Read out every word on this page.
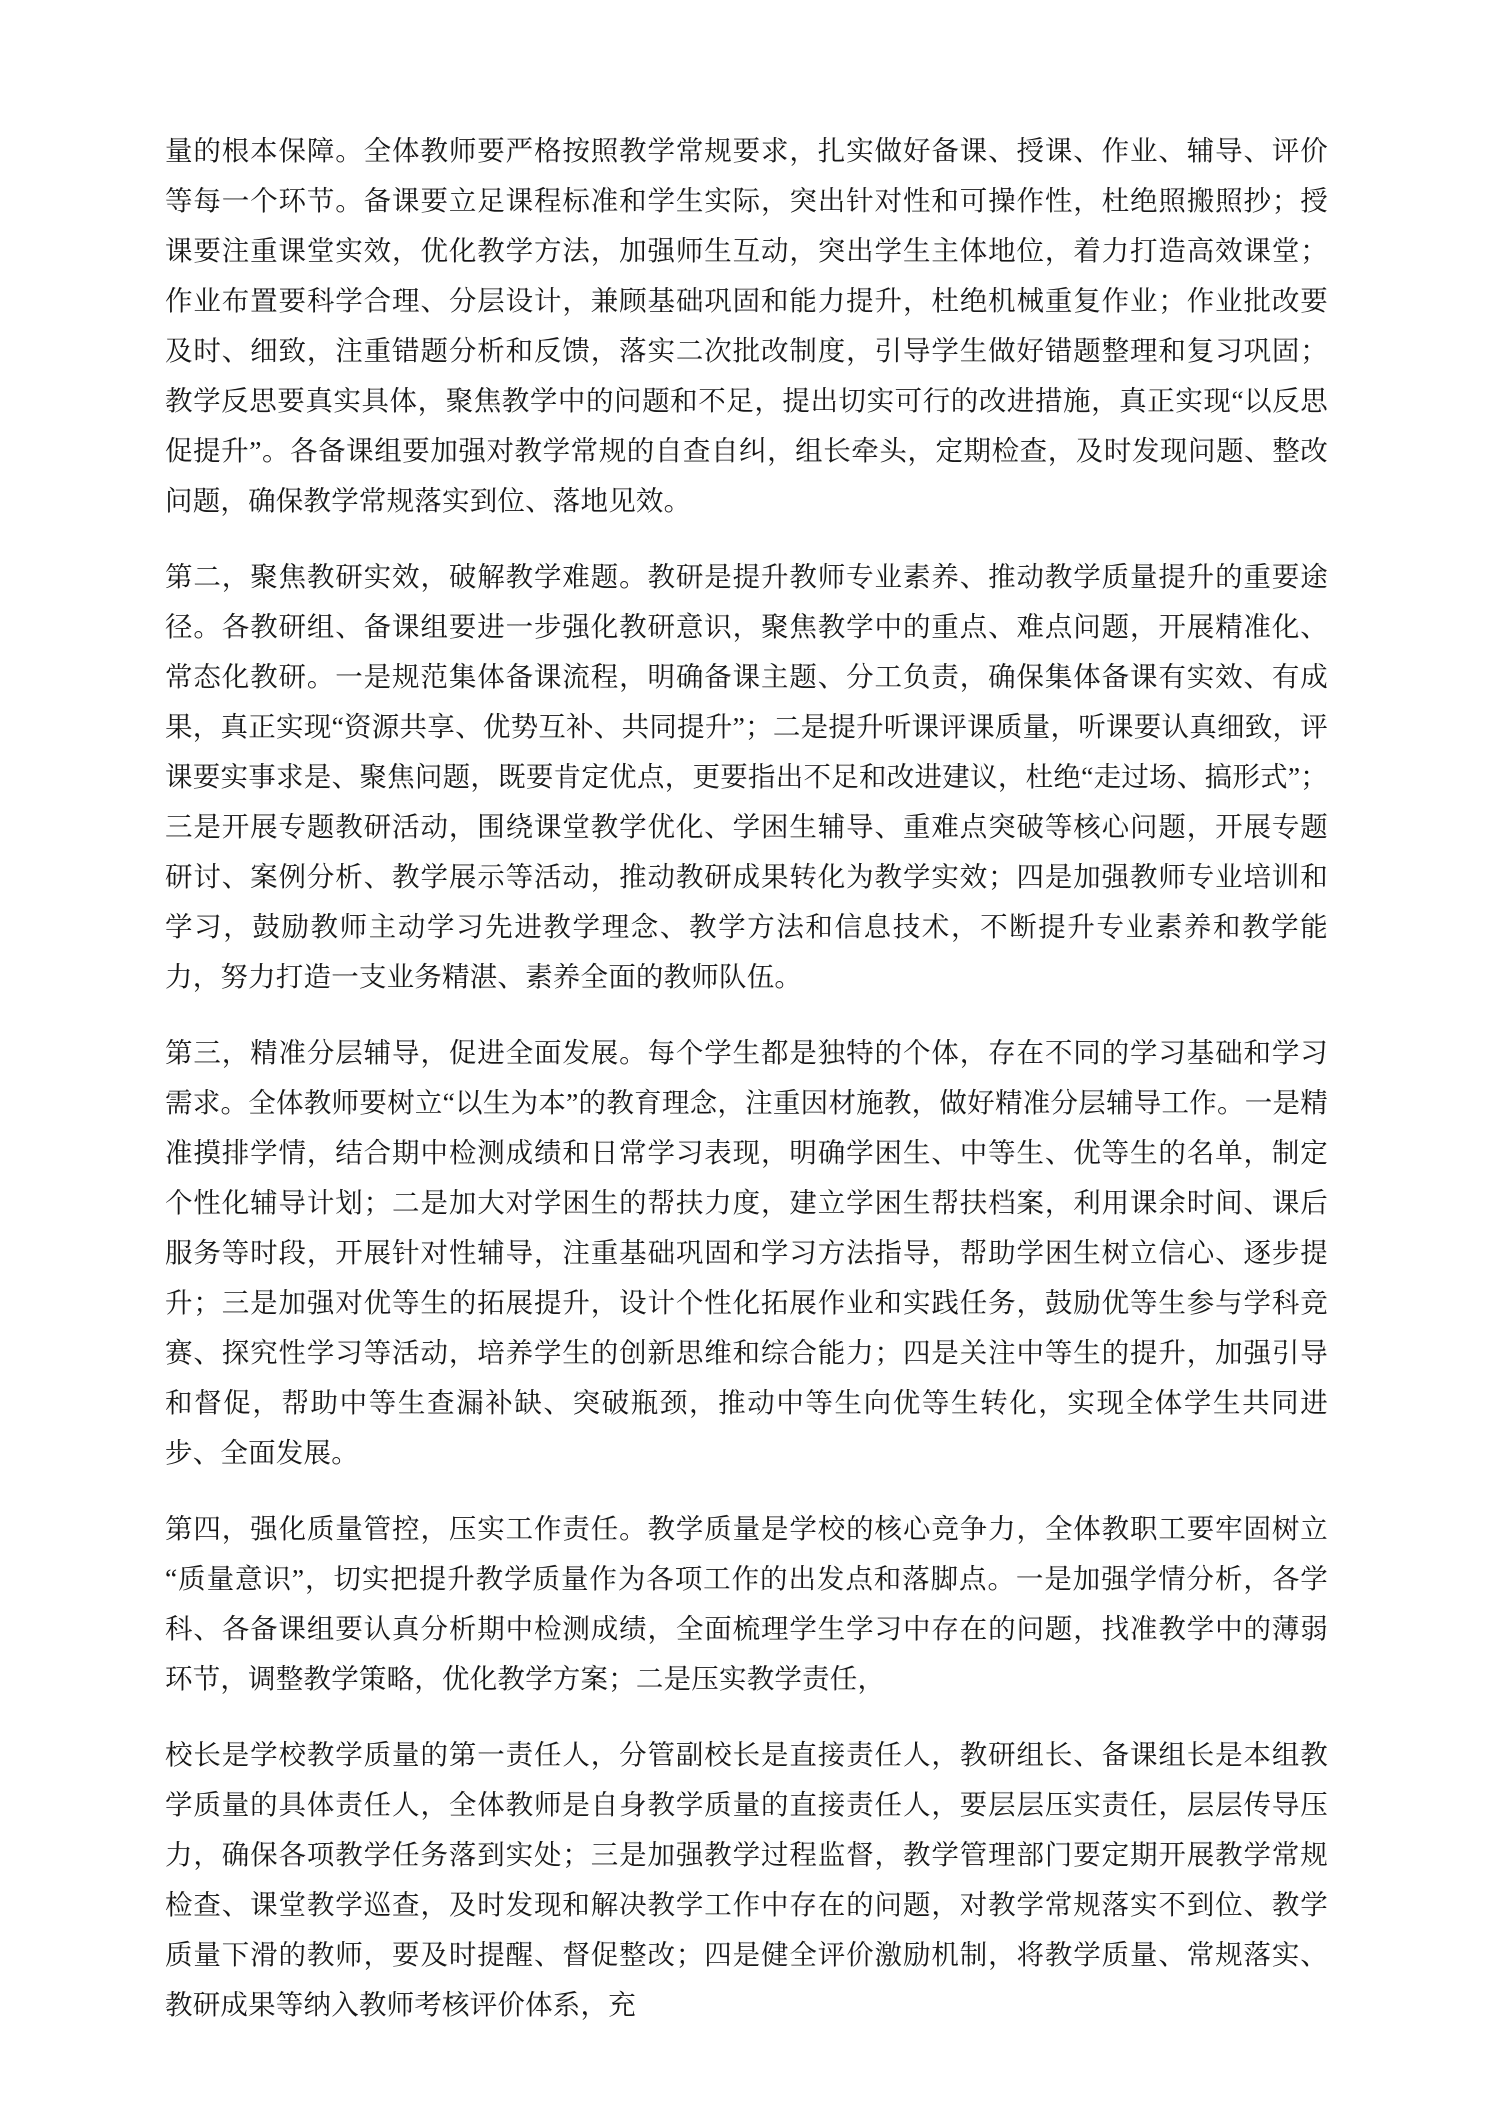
量的根本保障。全体教师要严格按照教学常规要求，扎实做好备课、授课、作业、辅导、评价等每一个环节。备课要立足课程标准和学生实际，突出针对性和可操作性，杜绝照搬照抄；授课要注重课堂实效，优化教学方法，加强师生互动，突出学生主体地位，着力打造高效课堂；作业布置要科学合理、分层设计，兼顾基础巩固和能力提升，杜绝机械重复作业；作业批改要及时、细致，注重错题分析和反馈，落实二次批改制度，引导学生做好错题整理和复习巩固；教学反思要真实具体，聚焦教学中的问题和不足，提出切实可行的改进措施，真正实现“以反思促提升”。各备课组要加强对教学常规的自查自纠，组长牵头，定期检查，及时发现问题、整改问题，确保教学常规落实到位、落地见效。

第二，聚焦教研实效，破解教学难题。教研是提升教师专业素养、推动教学质量提升的重要途径。各教研组、备课组要进一步强化教研意识，聚焦教学中的重点、难点问题，开展精准化、常态化教研。一是规范集体备课流程，明确备课主题、分工负责，确保集体备课有实效、有成果，真正实现“资源共享、优势互补、共同提升”；二是提升听课评课质量，听课要认真细致，评课要实事求是、聚焦问题，既要肯定优点，更要指出不足和改进建议，杜绝“走过场、搞形式”；三是开展专题教研活动，围绕课堂教学优化、学困生辅导、重难点突破等核心问题，开展专题研讨、案例分析、教学展示等活动，推动教研成果转化为教学实效；四是加强教师专业培训和学习，鼓励教师主动学习先进教学理念、教学方法和信息技术，不断提升专业素养和教学能力，努力打造一支业务精湛、素养全面的教师队伍。

第三，精准分层辅导，促进全面发展。每个学生都是独特的个体，存在不同的学习基础和学习需求。全体教师要树立“以生为本”的教育理念，注重因材施教，做好精准分层辅导工作。一是精准摸排学情，结合期中检测成绩和日常学习表现，明确学困生、中等生、优等生的名单，制定个性化辅导计划；二是加大对学困生的帮扶力度，建立学困生帮扶档案，利用课余时间、课后服务等时段，开展针对性辅导，注重基础巩固和学习方法指导，帮助学困生树立信心、逐步提升；三是加强对优等生的拓展提升，设计个性化拓展作业和实践任务，鼓励优等生参与学科竞赛、探究性学习等活动，培养学生的创新思维和综合能力；四是关注中等生的提升，加强引导和督促，帮助中等生查漏补缺、突破瓶颈，推动中等生向优等生转化，实现全体学生共同进步、全面发展。

第四，强化质量管控，压实工作责任。教学质量是学校的核心竞争力，全体教职工要牢固树立“质量意识”，切实把提升教学质量作为各项工作的出发点和落脚点。一是加强学情分析，各学科、各备课组要认真分析期中检测成绩，全面梳理学生学习中存在的问题，找准教学中的薄弱环节，调整教学策略，优化教学方案；二是压实教学责任，

校长是学校教学质量的第一责任人，分管副校长是直接责任人，教研组长、备课组长是本组教学质量的具体责任人，全体教师是自身教学质量的直接责任人，要层层压实责任，层层传导压力，确保各项教学任务落到实处；三是加强教学过程监督，教学管理部门要定期开展教学常规检查、课堂教学巡查，及时发现和解决教学工作中存在的问题，对教学常规落实不到位、教学质量下滑的教师，要及时提醒、督促整改；四是健全评价激励机制，将教学质量、常规落实、教研成果等纳入教师考核评价体系，充
